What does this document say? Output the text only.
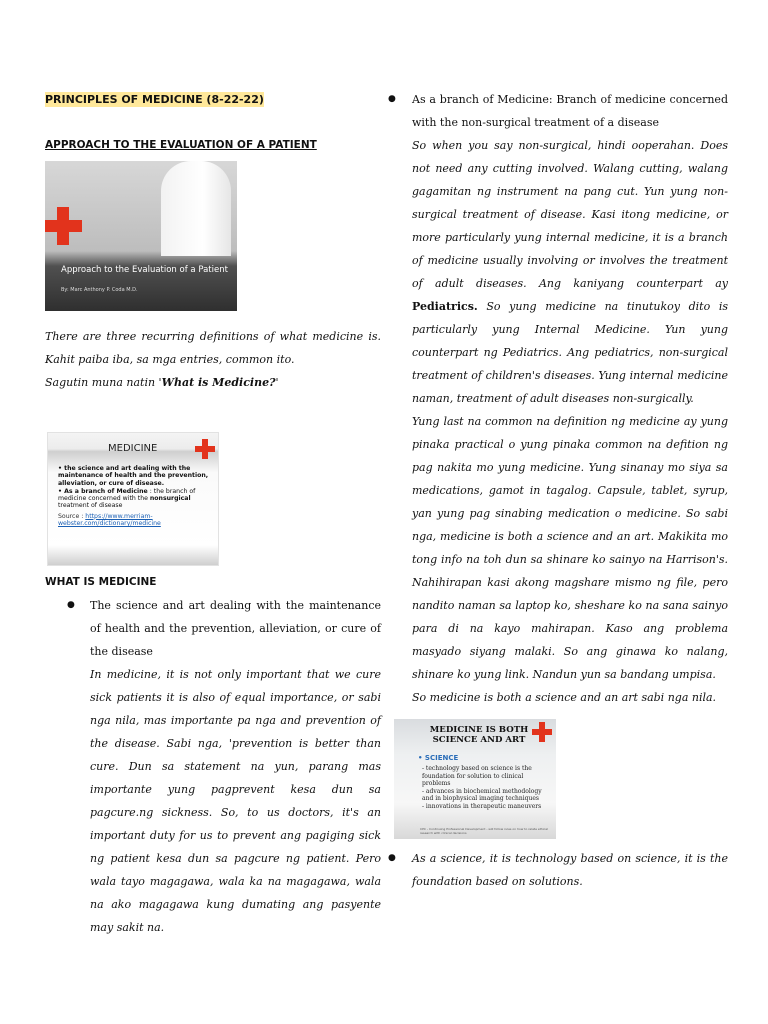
PRINCIPLES OF MEDICINE (8-22-22)
APPROACH TO THE EVALUATION OF A PATIENT
Approach to the Evaluation of a Patient
By: Marc Anthony P. Coda M.D.

There are three recurring definitions of what medicine is. Kahit paiba iba, sa mga entries, common ito.

Sagutin muna natin 'What is Medicine?'

MEDICINE
• the science and art dealing with the maintenance of health and the prevention, alleviation, or cure of disease.
• As a branch of Medicine : the branch of medicine concerned with the nonsurgical treatment of disease
Source : https://www.merriam-webster.com/dictionary/medicine
WHAT IS MEDICINE

● The science and art dealing with the maintenance of health and the prevention, alleviation, or cure of the disease

In medicine, it is not only important that we cure sick patients it is also of equal importance, or sabi nga nila, mas importante pa nga and prevention of the disease. Sabi nga, 'prevention is better than cure. Dun sa statement na yun, parang mas importante yung pagprevent kesa dun sa pagcure.ng sickness. So, to us doctors, it's an important duty for us to prevent ang pagiging sick ng patient kesa dun sa pagcure ng patient. Pero wala tayo magagawa, wala ka na magagawa, wala na ako magagawa kung dumating ang pasyente may sakit na.

● As a branch of Medicine: Branch of medicine concerned with the non-surgical treatment of a disease

So when you say non-surgical, hindi ooperahan. Does not need any cutting involved. Walang cutting, walang gagamitan ng instrument na pang cut. Yun yung non-surgical treatment of disease. Kasi itong medicine, or more particularly yung internal medicine, it is a branch of medicine usually involving or involves the treatment of adult diseases. Ang kaniyang counterpart ay Pediatrics. So yung medicine na tinutukoy dito is particularly yung Internal Medicine. Yun yung counterpart ng Pediatrics. Ang pediatrics, non-surgical treatment of children's diseases. Yung internal medicine naman, treatment of adult diseases non-surgically.

Yung last na common na definition ng medicine ay yung pinaka practical o yung pinaka common na defition ng pag nakita mo yung medicine. Yung sinanay mo siya sa medications, gamot in tagalog. Capsule, tablet, syrup, yan yung pag sinabing medication o medicine. So sabi nga, medicine is both a science and an art. Makikita mo tong info na toh dun sa shinare ko sainyo na Harrison's. Nahihirapan kasi akong magshare mismo ng file, pero nandito naman sa laptop ko, sheshare ko na sana sainyo para di na kayo mahirapan. Kaso ang problema masyado siyang malaki. So ang ginawa ko nalang, shinare ko yung link. Nandun yun sa bandang umpisa.

So medicine is both a science and an art sabi nga nila.

MEDICINE IS BOTH SCIENCE AND ART
• SCIENCE
- technology based on science is the foundation for solution to clinical problems
- advances in biochemical methodology and in biophysical imaging techniques
- innovations in therapeutic maneuvers
CPC - Continuing Professional Development - will follow rules on how to relate ethical research with clinical decisions

● As a science, it is technology based on science, it is the foundation based on solutions.
